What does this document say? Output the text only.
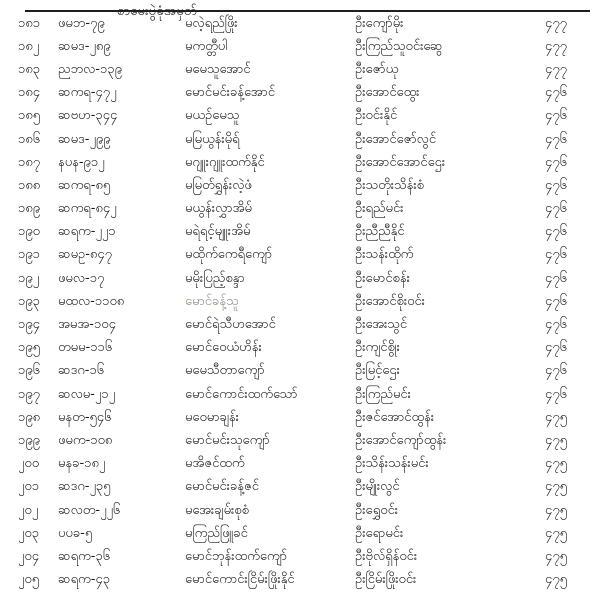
စာမေးပွဲခုံအမှတ်
၁၈၁	ဖမဘ-၇၉	မလဲ့ရည်ဖြိုး	ဦးကျော်မိုး	၄၇၇
၁၈၂	ဆမဒ-၂၈၉	မကတ္တီပါ	ဦးကြည်သူဝင်းဆွေ	၄၇၇
၁၈၃	ညဘလ-၁၃၉	မမေသူအောင်	ဦးဇော်ယု	၄၇၇
၁၈၄	ဆကရ-၄၇၂	မောင်မင်းခန့်အောင်	ဦးအောင်ထွေး	၄၇၆
၁၈၅	ဆဗဟ-၃၄၄	မယဉ်မေသူ	ဦးဝင်းနိုင်	၄၇၆
၁၈၆	ဆမဒ-၂၉၉	မမြယွန်းမိုရ်	ဦးအောင်ဇော်လွင်	၄၇၆
၁၈၇	နပန-၉၁၂	မဂျူးဂျူးထက်နိုင်	ဦးအောင်အောင်ဌေး	၄၇၆
၁၈၈	ဆကရ-၈၅	မမြတ်ရွှန်းလဲ့ဖံ	ဦးသတိုးသိန်းစံ	၄၇၆
၁၈၉	ဆကရ-၈၄၂	မယွန်းလွှာအိမ်	ဦးရည်မင်း	၄၇၆
၁၉၀	ဆရက-၂၂၁	မရဲရင့်မျူးအိမ်	ဦးညီညီနိုင်	၄၇၆
၁၉၁	ဆမဥ-၈၄၇	မထိုက်ကေရီကျော်	ဦးသန်းထိုက်	၄၇၆
၁၉၂	ဖမလ-၁၇	မမိုးပြည့်စန္ဒာ	ဦးမောင်စန်း	၄၇၆
၁၉၃	မထလ-၁၁၀၈	မောင်ခန့်သူ	ဦးအောင်စိုးဝင်း	၄၇၆
၁၉၄	အမအ-၁၀၄	မောင်ရဲသီဟအောင်	ဦးအေးသွင်	၄၇၆
၁၉၅	တမမ-၁၁၆	မောင်ဝေယံဟိန်း	ဦးကျင်စွိုး	၄၇၆
၁၉၆	ဆဒဂ-၁၆	မမေသီတာကျော်	ဦးမြင့်ဌေး	၄၇၆
၁၉၇	ဆလမ-၂၁၂	မောင်ကောင်းထက်သော်	ဦးကြည်မင်း	၄၇၆
၁၉၈	မနတ-၅၄၆	မဝေမာချန်း	ဦးဇင်အောင်ထွန်း	၄၇၅
၁၉၉	ဖမက-၁၀၈	မောင်မင်းသုကျော်	ဦးအောင်ကျော်ထွန်း	၄၇၅
၂၀၀	မနခ-၁၈၂	မအိဇင်ထက်	ဦးသိန်းသန်းမင်း	၄၇၅
၂၀၁	ဆဒဂ-၂၃၅	မောင်မင်းခန့်ဇင်	ဦးမျိုးလွင်	၄၇၅
၂၀၂	ဆလတ-၂၂၆	မအေးချမ်းစုစံ	ဦးရွှေဝင်း	၄၇၅
၂၀၃	ပပခ-၅	မကြည်ဖြူခင်	ဦးရောမင်း	၄၇၅
၂၀၄	ဆရက-၃၆	မောင်ဘုန်းထက်ကျော်	ဦးဗိုလ်ရှိန်ဝင်း	၄၇၅
၂၀၅	ဆရက-၄၃	မောင်ကောင်းငြိမ်းဖြိုးနိုင်	ဦးငြိမ်းဖြိုးဝင်း	၄၇၅
